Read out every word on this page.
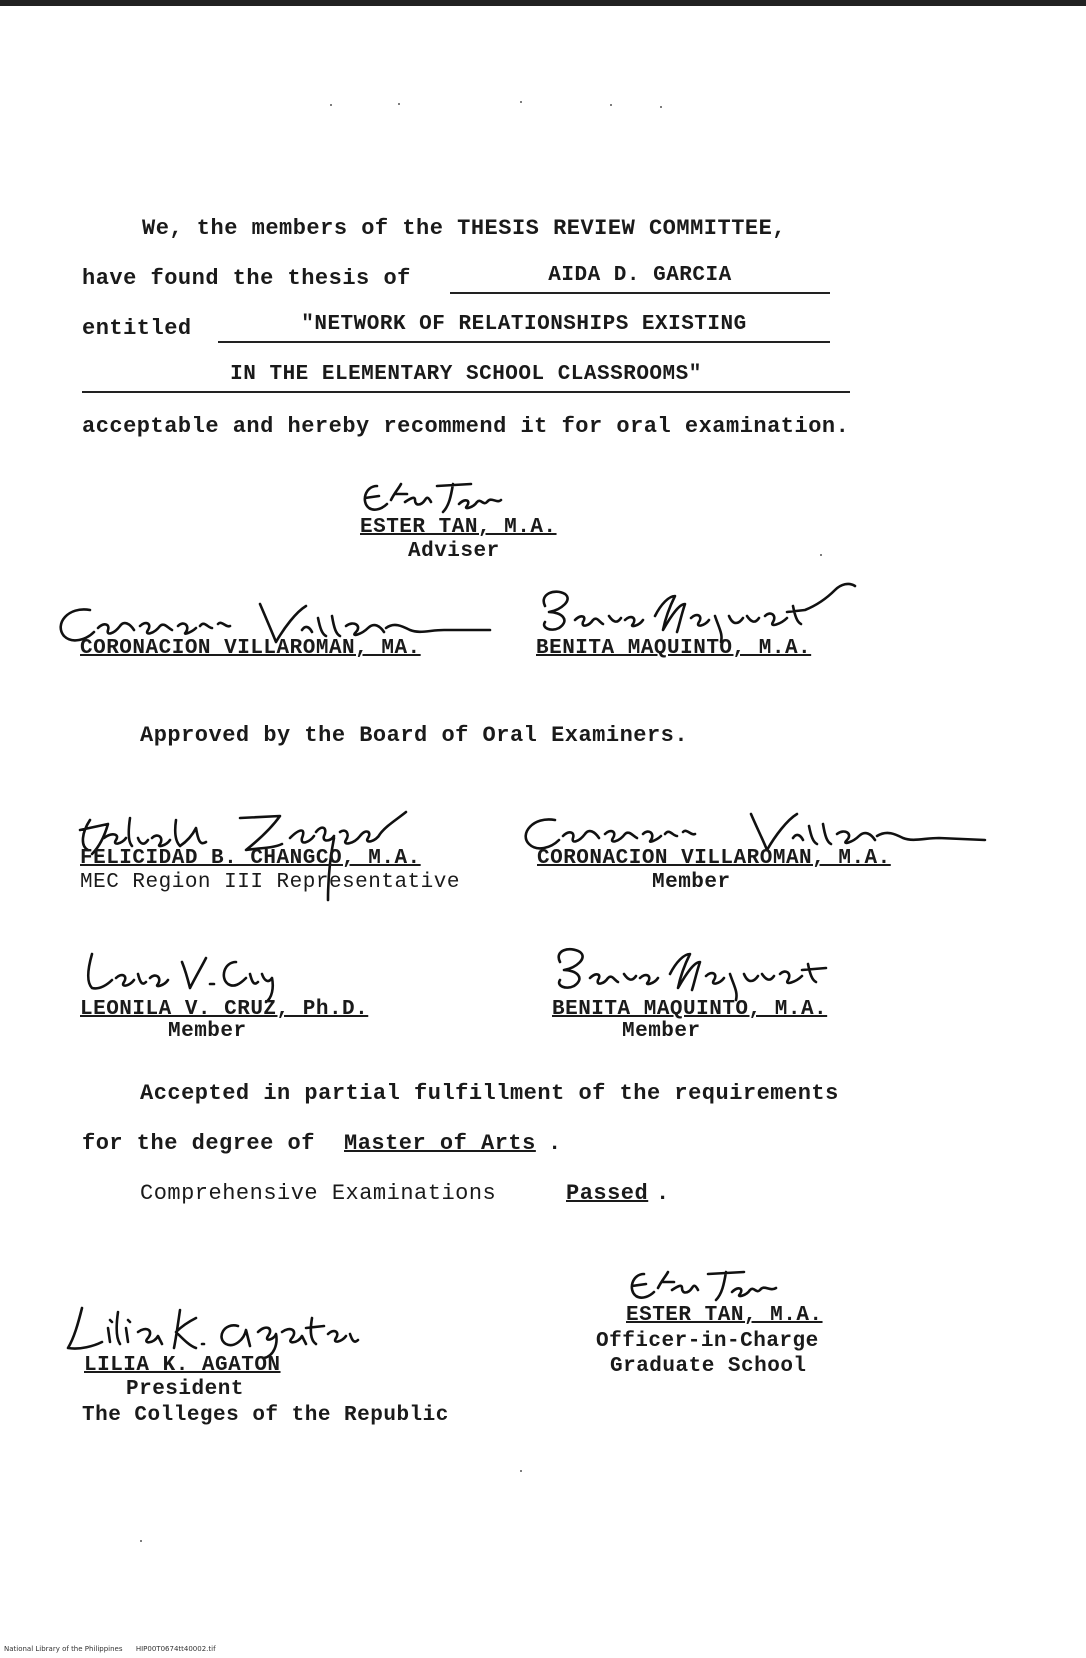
We, the members of the THESIS REVIEW COMMITTEE,
have found the thesis of	AIDA D. GARCIA
entitled	"NETWORK OF RELATIONSHIPS EXISTING
IN THE ELEMENTARY SCHOOL CLASSROOMS"
acceptable and hereby recommend it for oral examination.
ESTER TAN, M.A.
Adviser
CORONACION VILLAROMAN, MA.	BENITA MAQUINTO, M.A.
Approved by the Board of Oral Examiners.
FELICIDAD B. CHANGCO, M.A.
MEC Region III Representative
CORONACION VILLAROMAN, M.A.
Member
LEONILA V. CRUZ, Ph.D.
Member
BENITA MAQUINTO, M.A.
Member
Accepted in partial fulfillment of the requirements
for the degree of Master of Arts .
Comprehensive Examinations	Passed .
ESTER TAN, M.A.
Officer-in-Charge
Graduate School
LILIA K. AGATON
President
The Colleges of the Republic
National Library of the Philippines      HIP00T0674tt40002.tif
